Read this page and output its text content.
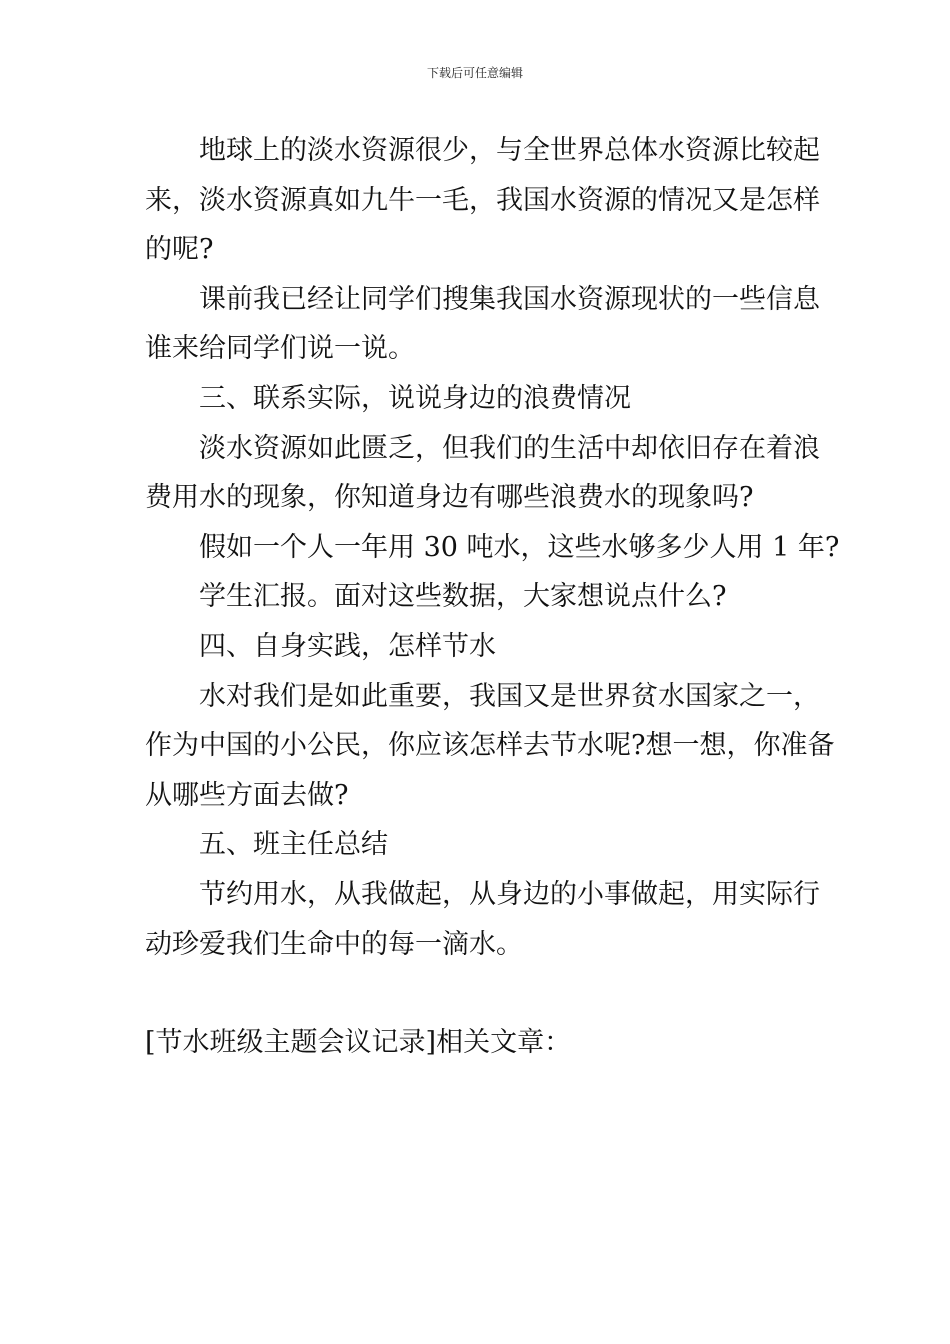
下载后可任意编辑
地球上的淡水资源很少，与全世界总体水资源比较起
来，淡水资源真如九牛一毛，我国水资源的情况又是怎样
的呢?
课前我已经让同学们搜集我国水资源现状的一些信息
谁来给同学们说一说。
三、联系实际，说说身边的浪费情况
淡水资源如此匮乏，但我们的生活中却依旧存在着浪
费用水的现象，你知道身边有哪些浪费水的现象吗?
假如一个人一年用 30 吨水，这些水够多少人用 1 年?
学生汇报。面对这些数据，大家想说点什么?
四、自身实践，怎样节水
水对我们是如此重要，我国又是世界贫水国家之一，
作为中国的小公民，你应该怎样去节水呢?想一想，你准备
从哪些方面去做?
五、班主任总结
节约用水，从我做起，从身边的小事做起，用实际行
动珍爱我们生命中的每一滴水。
[节水班级主题会议记录]相关文章：
